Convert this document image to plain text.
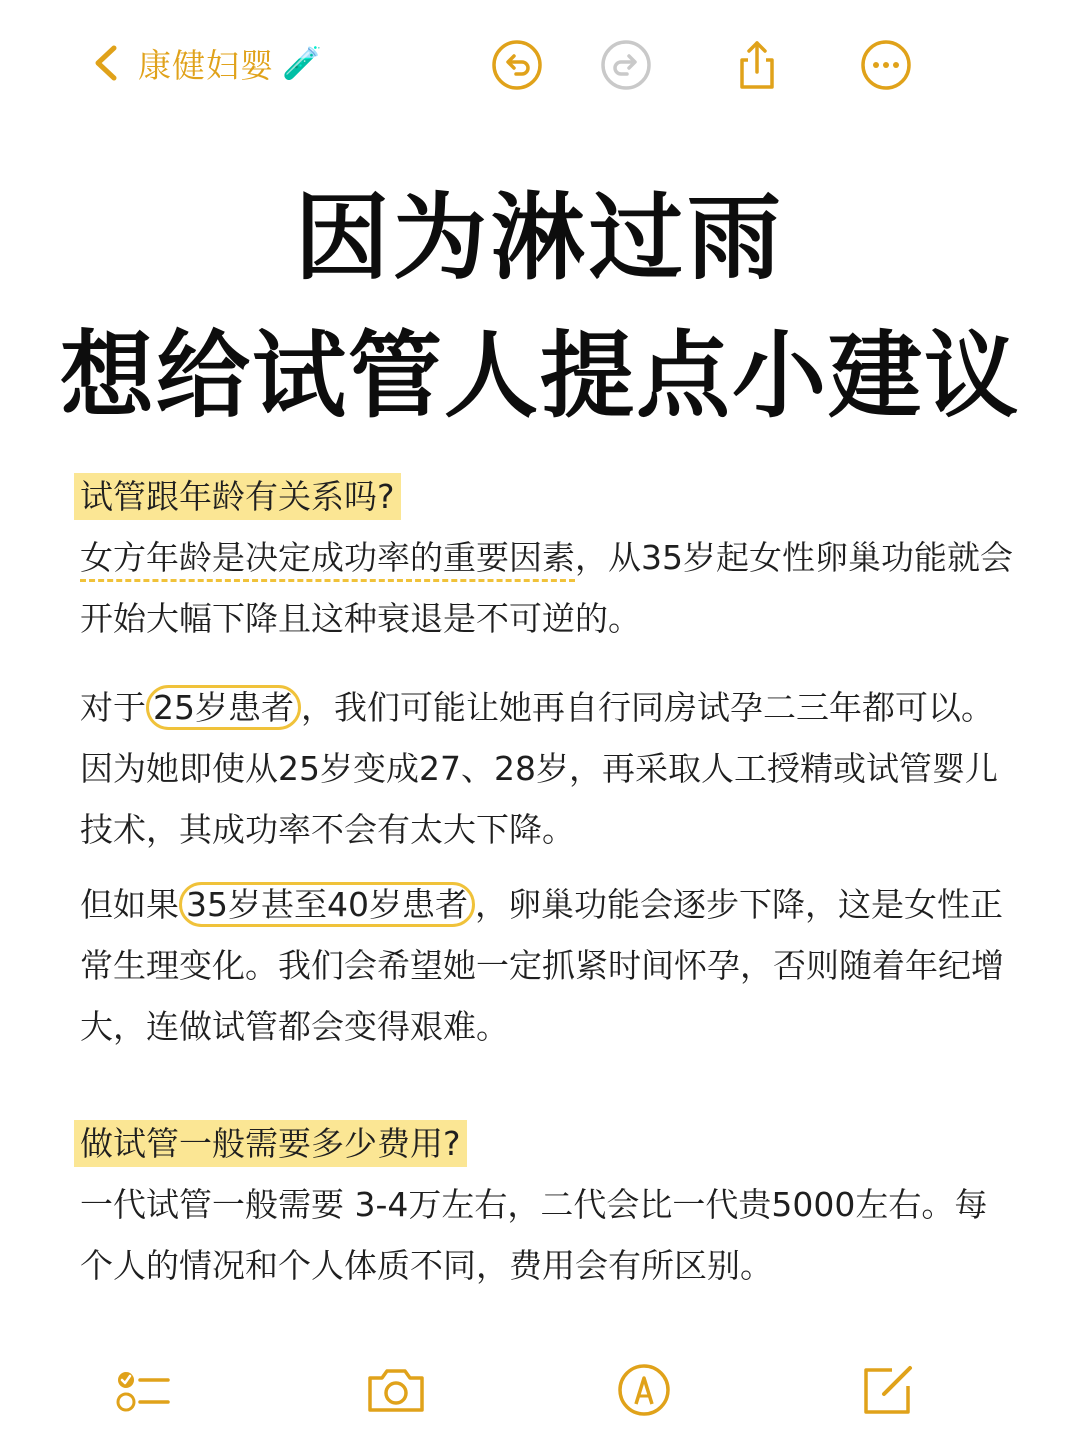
康健妇婴 🧪
因为淋过雨
想给试管人提点小建议
试管跟年龄有关系吗?

女方年龄是决定成功率的重要因素，从35岁起女性卵巢功能就会开始大幅下降且这种衰退是不可逆的。

对于 25岁患者 ，我们可能让她再自行同房试孕二三年都可以。因为她即使从25岁变成27、28岁，再采取人工授精或试管婴儿技术，其成功率不会有太大下降。

但如果 35岁甚至40岁患者 ，卵巢功能会逐步下降，这是女性正常生理变化。我们会希望她一定抓紧时间怀孕，否则随着年纪增大，连做试管都会变得艰难。

做试管一般需要多少费用?

一代试管一般需要 3-4万左右，二代会比一代贵5000左右。每个人的情况和个人体质不同，费用会有所区别。
